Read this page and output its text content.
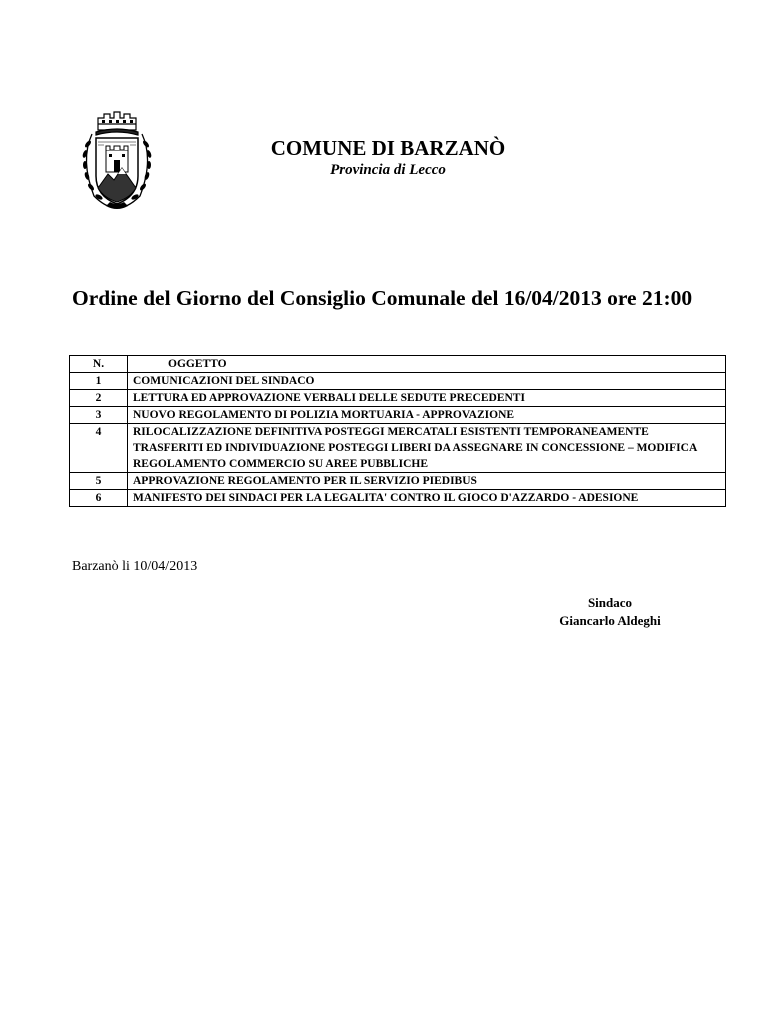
COMUNE DI BARZANÒ
Provincia di Lecco
Ordine del Giorno del Consiglio Comunale del 16/04/2013 ore 21:00
N.	OGGETTO
1	COMUNICAZIONI DEL SINDACO
2	LETTURA ED APPROVAZIONE VERBALI DELLE SEDUTE PRECEDENTI
3	NUOVO REGOLAMENTO DI POLIZIA MORTUARIA - APPROVAZIONE
4	RILOCALIZZAZIONE DEFINITIVA POSTEGGI MERCATALI ESISTENTI TEMPORANEAMENTE TRASFERITI ED INDIVIDUAZIONE POSTEGGI LIBERI DA ASSEGNARE IN CONCESSIONE – MODIFICA REGOLAMENTO COMMERCIO SU AREE PUBBLICHE
5	APPROVAZIONE REGOLAMENTO PER IL SERVIZIO PIEDIBUS
6	MANIFESTO DEI SINDACI PER LA LEGALITA' CONTRO IL GIOCO D'AZZARDO - ADESIONE
Barzanò li 10/04/2013
Sindaco
Giancarlo Aldeghi
